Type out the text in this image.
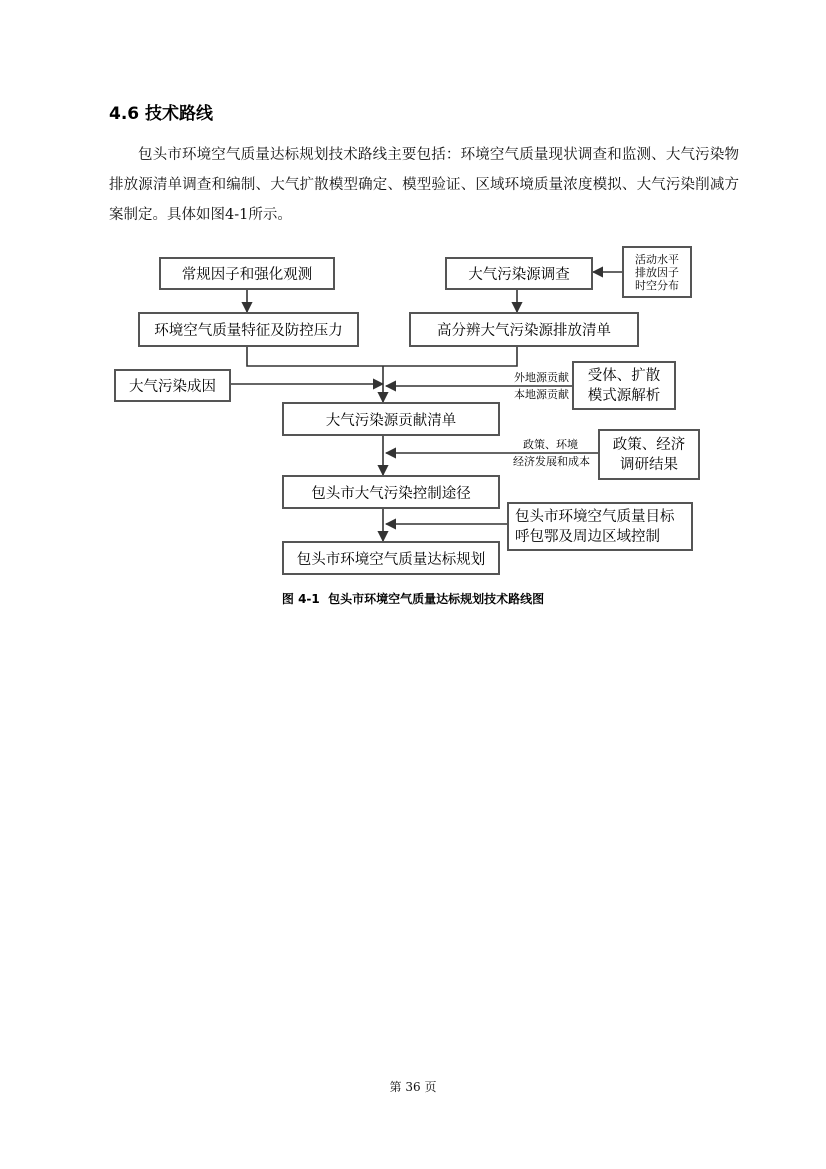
4.6 技术路线

包头市环境空气质量达标规划技术路线主要包括：环境空气质量现状调查和监测、大气污染物排放源清单调查和编制、大气扩散模型确定、模型验证、区域环境质量浓度模拟、大气污染削减方案制定。具体如图4-1所示。

常规因子和强化观测	大气污染源调查
活动水平
排放因子
时空分布
环境空气质量特征及防控压力	高分辨大气污染源排放清单
大气污染成因
外地源贡献
本地源贡献
受体、扩散
模式源解析
大气污染源贡献清单
政策、环境
经济发展和成本
政策、经济
调研结果
包头市大气污染控制途径
包头市环境空气质量目标
呼包鄂及周边区域控制
包头市环境空气质量达标规划
图 4-1  包头市环境空气质量达标规划技术路线图
第 36 页
